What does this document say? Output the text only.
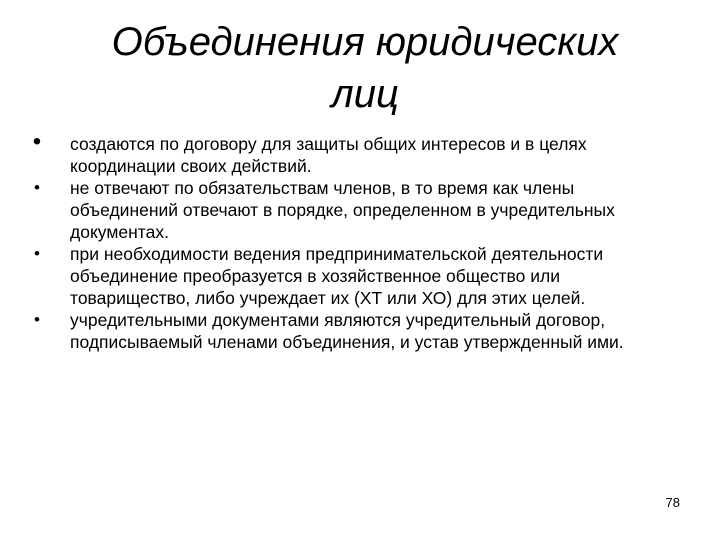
Объединения юридических
лиц
• создаются по договору для защиты общих интересов и в целях координации своих действий.
• не отвечают по обязательствам членов, в то время как члены объединений отвечают в порядке, определенном в учредительных документах.
• при необходимости ведения предпринимательской деятельности объединение преобразуется в хозяйственное общество или товарищество, либо учреждает их (ХТ или ХО) для этих целей.
• учредительными документами являются учредительный договор, подписываемый членами объединения, и устав утвержденный ими.
78
